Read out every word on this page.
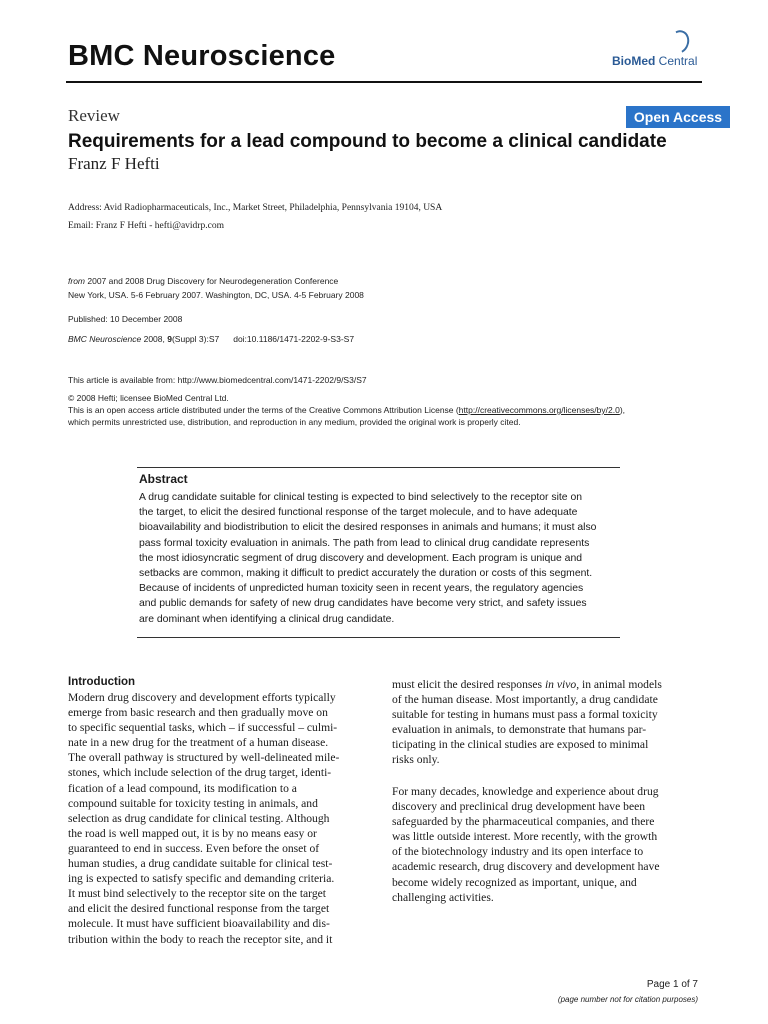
BMC Neuroscience	BioMed Central
Review	Open Access
Requirements for a lead compound to become a clinical candidate
Franz F Hefti
Address: Avid Radiopharmaceuticals, Inc., Market Street, Philadelphia, Pennsylvania 19104, USA
Email: Franz F Hefti - hefti@avidrp.com
from 2007 and 2008 Drug Discovery for Neurodegeneration Conference
New York, USA. 5-6 February 2007. Washington, DC, USA. 4-5 February 2008
Published: 10 December 2008
BMC Neuroscience 2008, 9(Suppl 3):S7 doi:10.1186/1471-2202-9-S3-S7
This article is available from: http://www.biomedcentral.com/1471-2202/9/S3/S7
© 2008 Hefti; licensee BioMed Central Ltd.
This is an open access article distributed under the terms of the Creative Commons Attribution License (http://creativecommons.org/licenses/by/2.0),
which permits unrestricted use, distribution, and reproduction in any medium, provided the original work is properly cited.
Abstract
A drug candidate suitable for clinical testing is expected to bind selectively to the receptor site on
the target, to elicit the desired functional response of the target molecule, and to have adequate
bioavailability and biodistribution to elicit the desired responses in animals and humans; it must also
pass formal toxicity evaluation in animals. The path from lead to clinical drug candidate represents
the most idiosyncratic segment of drug discovery and development. Each program is unique and
setbacks are common, making it difficult to predict accurately the duration or costs of this segment.
Because of incidents of unpredicted human toxicity seen in recent years, the regulatory agencies
and public demands for safety of new drug candidates have become very strict, and safety issues
are dominant when identifying a clinical drug candidate.
Introduction
Modern drug discovery and development efforts typically
emerge from basic research and then gradually move on
to specific sequential tasks, which – if successful – culmi-
nate in a new drug for the treatment of a human disease.
The overall pathway is structured by well-delineated mile-
stones, which include selection of the drug target, identi-
fication of a lead compound, its modification to a
compound suitable for toxicity testing in animals, and
selection as drug candidate for clinical testing. Although
the road is well mapped out, it is by no means easy or
guaranteed to end in success. Even before the onset of
human studies, a drug candidate suitable for clinical test-
ing is expected to satisfy specific and demanding criteria.
It must bind selectively to the receptor site on the target
and elicit the desired functional response from the target
molecule. It must have sufficient bioavailability and dis-
tribution within the body to reach the receptor site, and it
must elicit the desired responses in vivo, in animal models
of the human disease. Most importantly, a drug candidate
suitable for testing in humans must pass a formal toxicity
evaluation in animals, to demonstrate that humans par-
ticipating in the clinical studies are exposed to minimal
risks only.
For many decades, knowledge and experience about drug
discovery and preclinical drug development have been
safeguarded by the pharmaceutical companies, and there
was little outside interest. More recently, with the growth
of the biotechnology industry and its open interface to
academic research, drug discovery and development have
become widely recognized as important, unique, and
challenging activities.
Page 1 of 7
(page number not for citation purposes)
